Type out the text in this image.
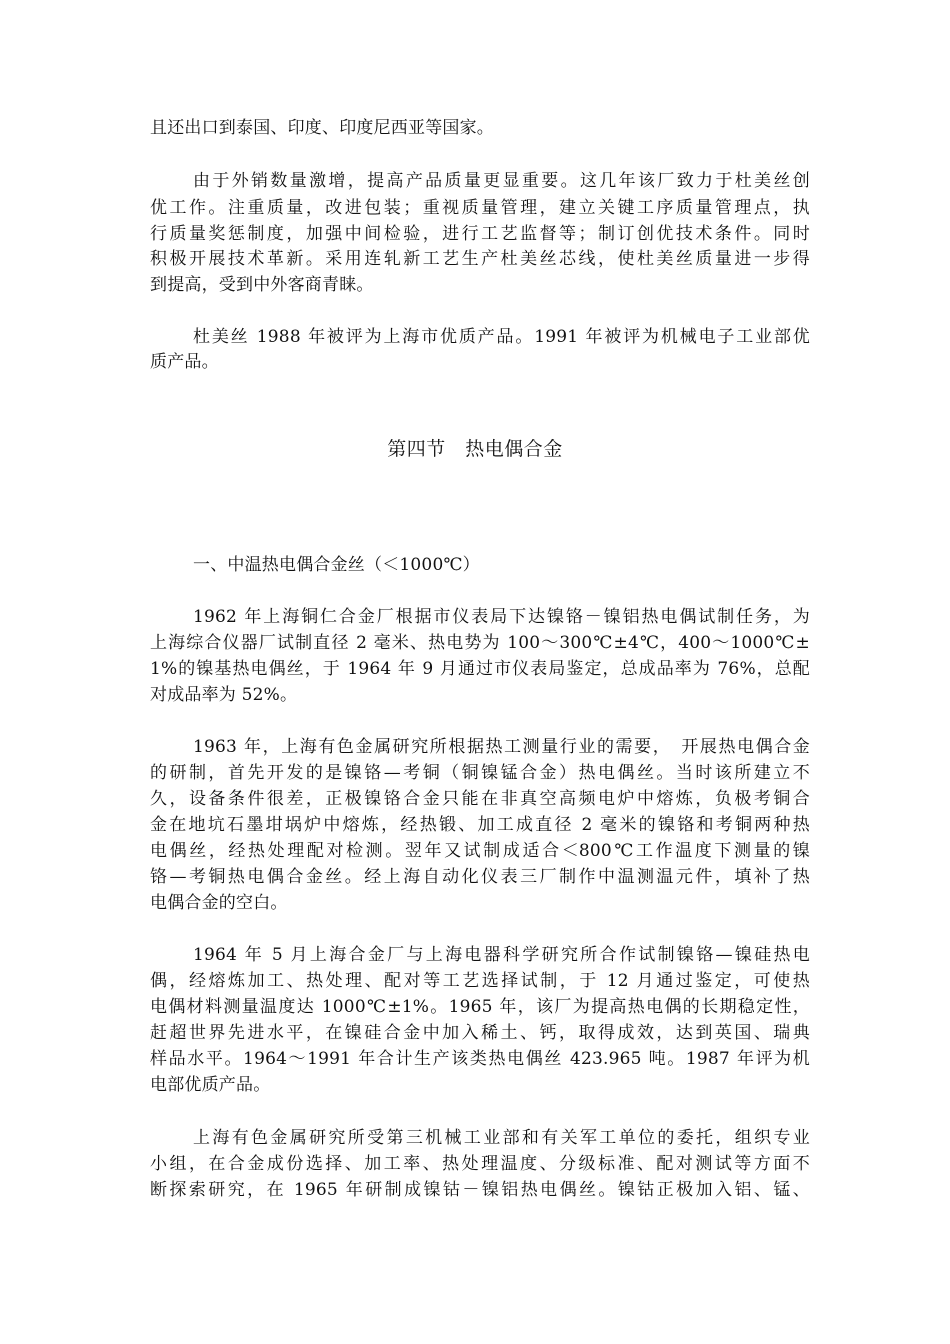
且还出口到泰国、印度、印度尼西亚等国家。
由于外销数量激增，提高产品质量更显重要。这几年该厂致力于杜美丝创
优工作。注重质量，改进包装；重视质量管理，建立关键工序质量管理点，执
行质量奖惩制度，加强中间检验，进行工艺监督等；制订创优技术条件。同时
积极开展技术革新。采用连轧新工艺生产杜美丝芯线，使杜美丝质量进一步得
到提高，受到中外客商青睐。
杜美丝 1988 年被评为上海市优质产品。1991 年被评为机械电子工业部优
质产品。
第四节　热电偶合金
一、中温热电偶合金丝（＜1000℃）
1962 年上海铜仁合金厂根据市仪表局下达镍铬－镍铝热电偶试制任务，为
上海综合仪器厂试制直径 2 毫米、热电势为 100～300℃±4℃，400～1000℃±
1%的镍基热电偶丝，于 1964 年 9 月通过市仪表局鉴定，总成品率为 76%，总配
对成品率为 52%。
1963 年，上海有色金属研究所根据热工测量行业的需要，　开展热电偶合金
的研制，首先开发的是镍铬—考铜（铜镍锰合金）热电偶丝。当时该所建立不
久，设备条件很差，正极镍铬合金只能在非真空高频电炉中熔炼，负极考铜合
金在地坑石墨坩埚炉中熔炼，经热锻、加工成直径 2 毫米的镍铬和考铜两种热
电偶丝，经热处理配对检测。翌年又试制成适合＜800℃工作温度下测量的镍
铬—考铜热电偶合金丝。经上海自动化仪表三厂制作中温测温元件，填补了热
电偶合金的空白。
1964 年 5 月上海合金厂与上海电器科学研究所合作试制镍铬—镍硅热电
偶，经熔炼加工、热处理、配对等工艺选择试制，于 12 月通过鉴定，可使热
电偶材料测量温度达 1000℃±1%。1965 年，该厂为提高热电偶的长期稳定性，
赶超世界先进水平，在镍硅合金中加入稀土、钙，取得成效，达到英国、瑞典
样品水平。1964～1991 年合计生产该类热电偶丝 423.965 吨。1987 年评为机
电部优质产品。
上海有色金属研究所受第三机械工业部和有关军工单位的委托，组织专业
小组，在合金成份选择、加工率、热处理温度、分级标准、配对测试等方面不
断探索研究，在 1965 年研制成镍钴－镍铝热电偶丝。镍钴正极加入铝、锰、
